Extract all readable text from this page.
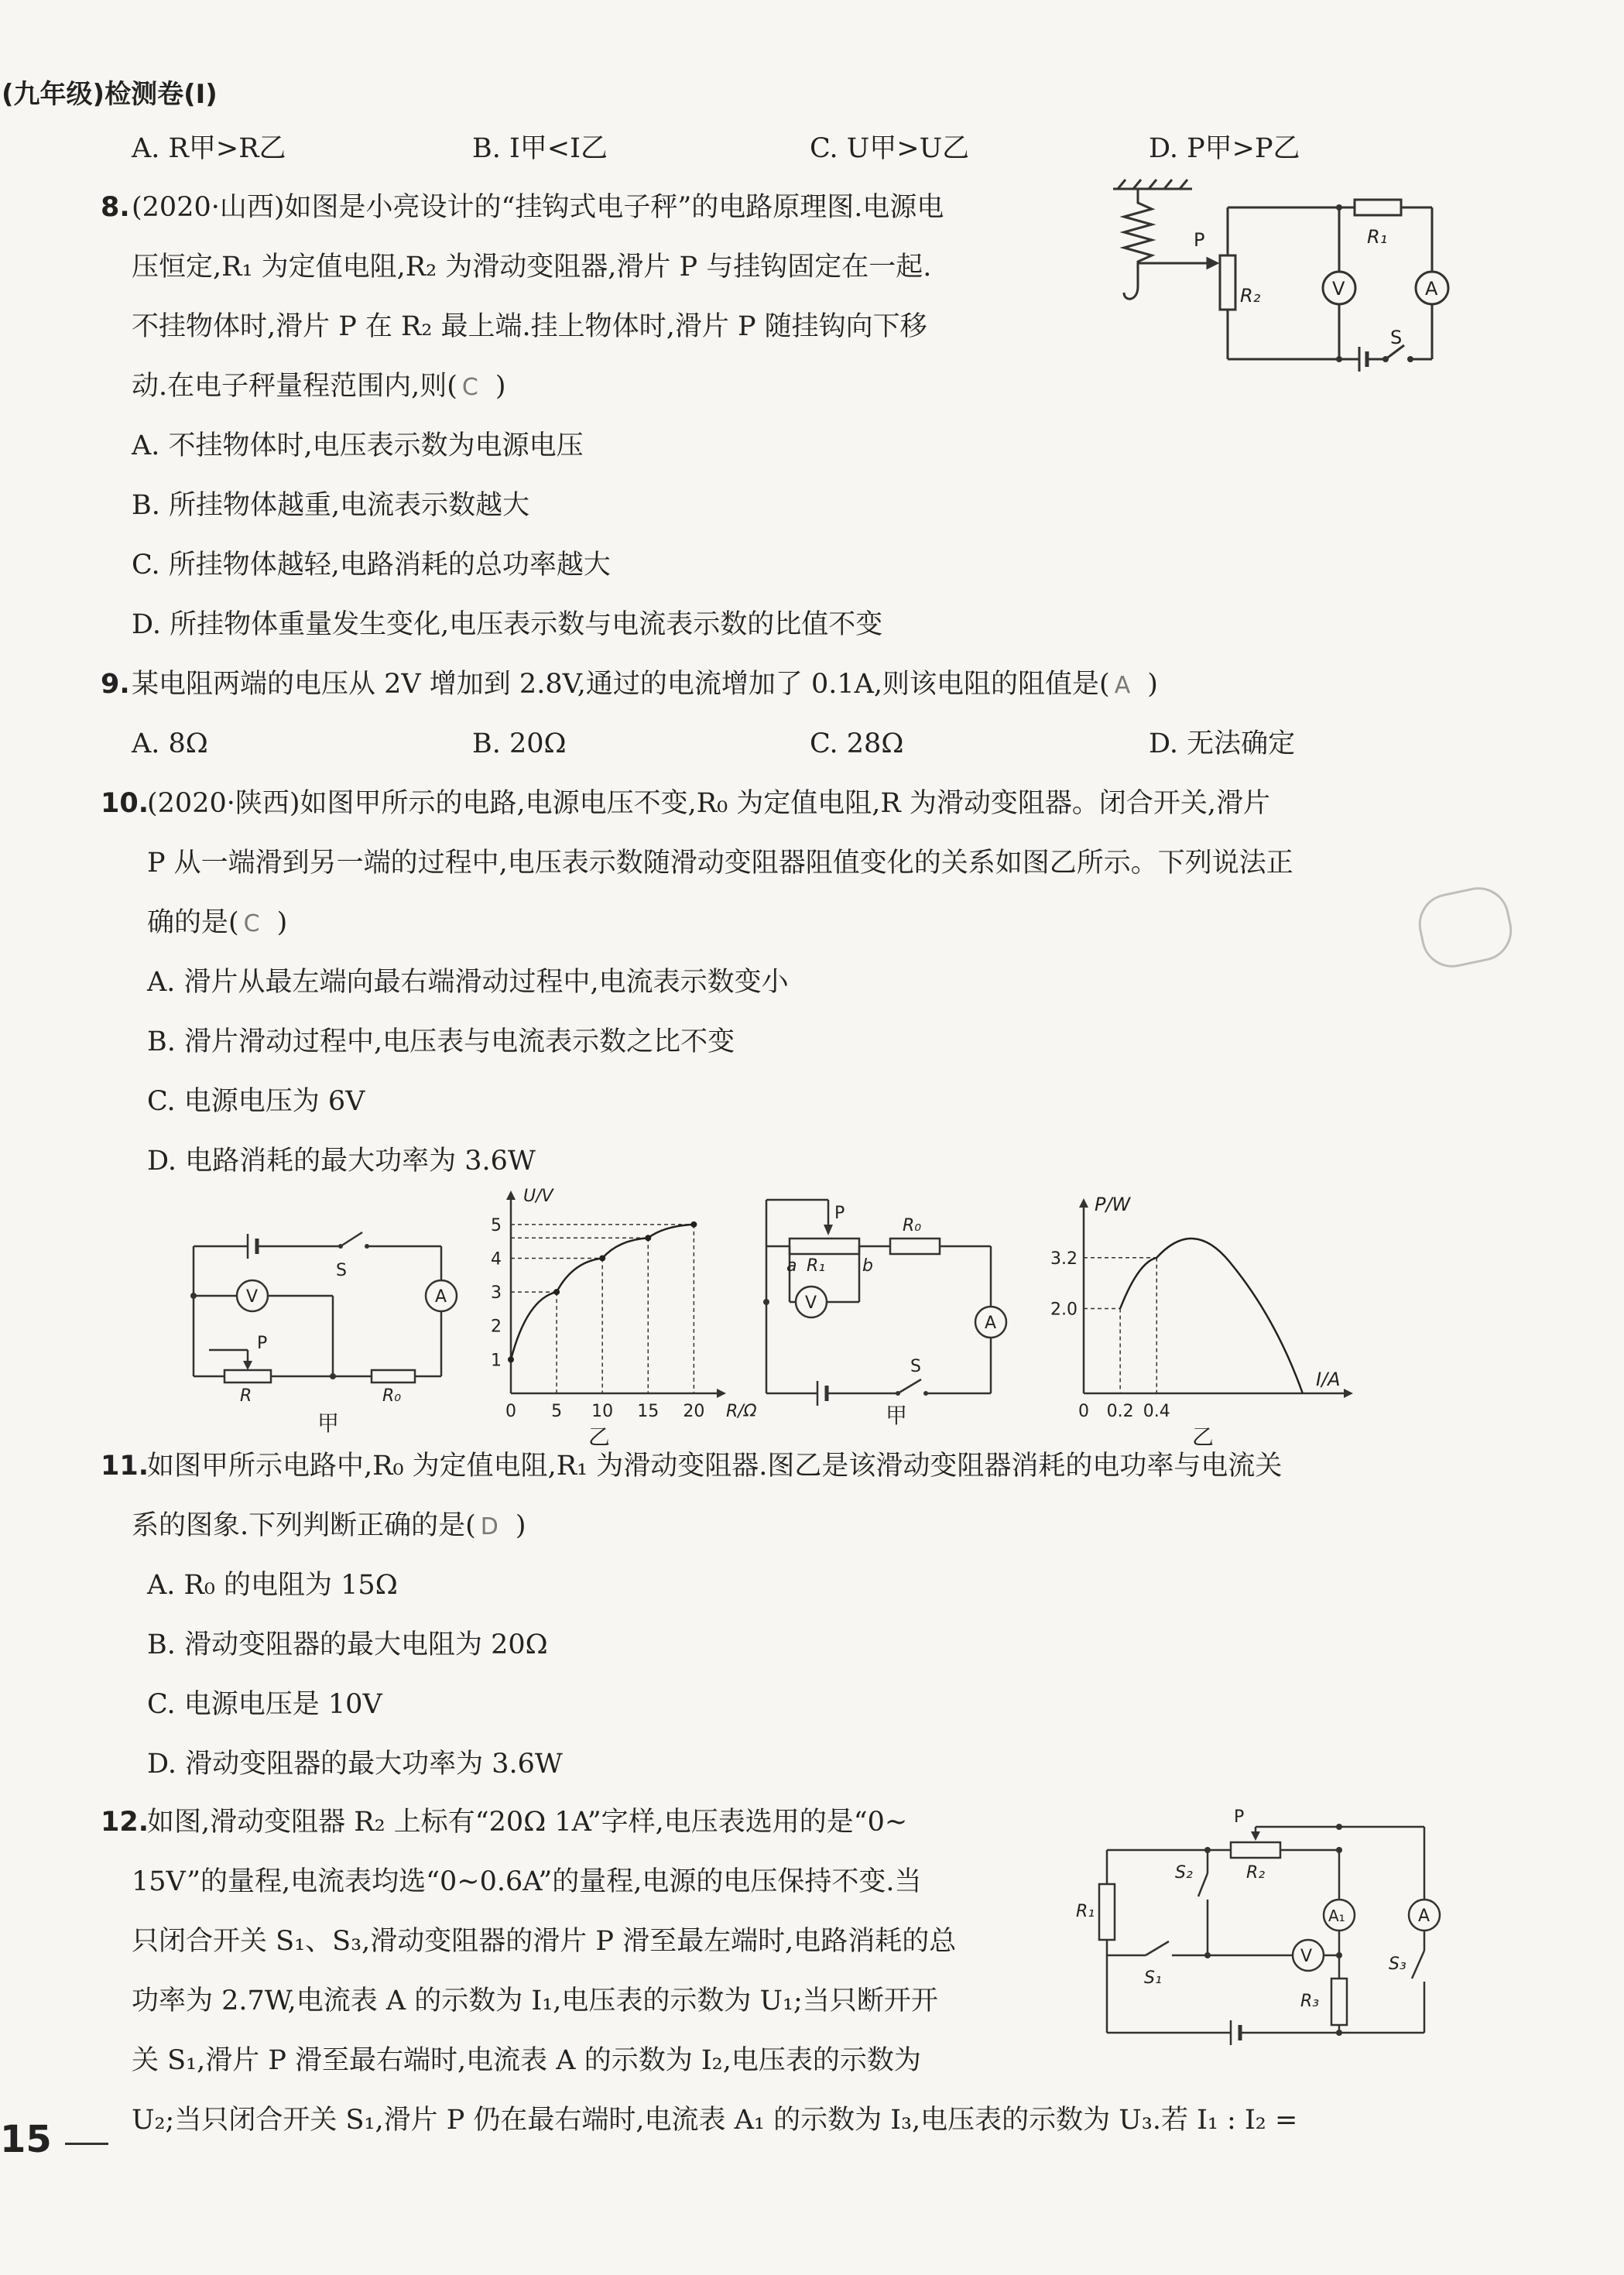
(九年级)检测卷(Ⅰ)
A. R甲>R乙	B. I甲<I乙	C. U甲>U乙	D. P甲>P乙
8. (2020·山西)如图是小亮设计的“挂钩式电子秤”的电路原理图.电源电
压恒定,R₁ 为定值电阻,R₂ 为滑动变阻器,滑片 P 与挂钩固定在一起.
不挂物体时,滑片 P 在 R₂ 最上端.挂上物体时,滑片 P 随挂钩向下移
动.在电子秤量程范围内,则( C )
A. 不挂物体时,电压表示数为电源电压
B. 所挂物体越重,电流表示数越大
C. 所挂物体越轻,电路消耗的总功率越大
D. 所挂物体重量发生变化,电压表示数与电流表示数的比值不变
P
R₂
R₁
V	A
S
9. 某电阻两端的电压从 2V 增加到 2.8V,通过的电流增加了 0.1A,则该电阻的阻值是( A )
A. 8Ω	B. 20Ω	C. 28Ω	D. 无法确定
10.
(2020·陕西)如图甲所示的电路,电源电压不变,R₀ 为定值电阻,R 为滑动变阻器。闭合开关,滑片
P 从一端滑到另一端的过程中,电压表示数随滑动变阻器阻值变化的关系如图乙所示。下列说法正
确的是( C )
A. 滑片从最左端向最右端滑动过程中,电流表示数变小
B. 滑片滑动过程中,电压表与电流表示数之比不变
C. 电源电压为 6V
D. 电路消耗的最大功率为 3.6W
S
V	A
P
R	R₀
甲	0 5 10 15 20
1
2
3
4
5
R/Ω
U/V
乙
P
R₀
R₁
a	b
V
A
S
甲	0 0.2 0.4
2.0
3.2
I/A
P/W
乙
11.
如图甲所示电路中,R₀ 为定值电阻,R₁ 为滑动变阻器.图乙是该滑动变阻器消耗的电功率与电流关
系的图象.下列判断正确的是( D )
A. R₀ 的电阻为 15Ω
B. 滑动变阻器的最大电阻为 20Ω
C. 电源电压是 10V
D. 滑动变阻器的最大功率为 3.6W
12.
如图,滑动变阻器 R₂ 上标有“20Ω 1A”字样,电压表选用的是“0~
15V”的量程,电流表均选“0~0.6A”的量程,电源的电压保持不变.当
只闭合开关 S₁、S₃,滑动变阻器的滑片 P 滑至最左端时,电路消耗的总
功率为 2.7W,电流表 A 的示数为 I₁,电压表的示数为 U₁;当只断开开
关 S₁,滑片 P 滑至最右端时,电流表 A 的示数为 I₂,电压表的示数为
U₂;当只闭合开关 S₁,滑片 P 仍在最右端时,电流表 A₁ 的示数为 I₃,电压表的示数为 U₃.若 I₁ : I₂ =
P
R₂
R₁
S₂
S₁
V
A₁	A
R₃
S₃
15
